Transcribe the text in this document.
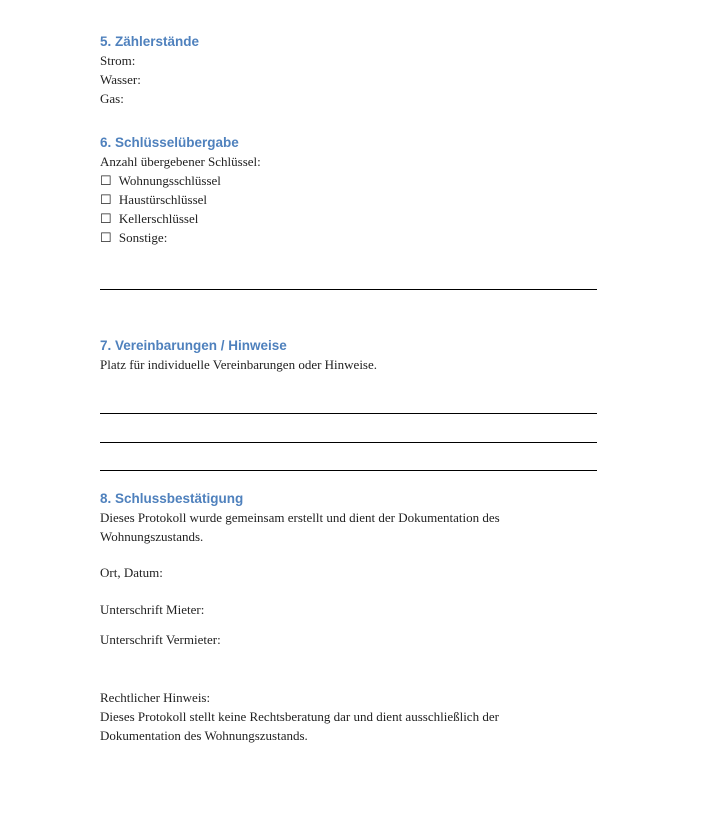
5. Zählerstände
Strom:
Wasser:
Gas:
6. Schlüsselübergabe
Anzahl übergebener Schlüssel:
☐ Wohnungsschlüssel
☐ Haustürschlüssel
☐ Kellerschlüssel
☐ Sonstige:
7. Vereinbarungen / Hinweise
Platz für individuelle Vereinbarungen oder Hinweise.
8. Schlussbestätigung
Dieses Protokoll wurde gemeinsam erstellt und dient der Dokumentation des
Wohnungszustands.
Ort, Datum:
Unterschrift Mieter:
Unterschrift Vermieter:
Rechtlicher Hinweis:
Dieses Protokoll stellt keine Rechtsberatung dar und dient ausschließlich der
Dokumentation des Wohnungszustands.
